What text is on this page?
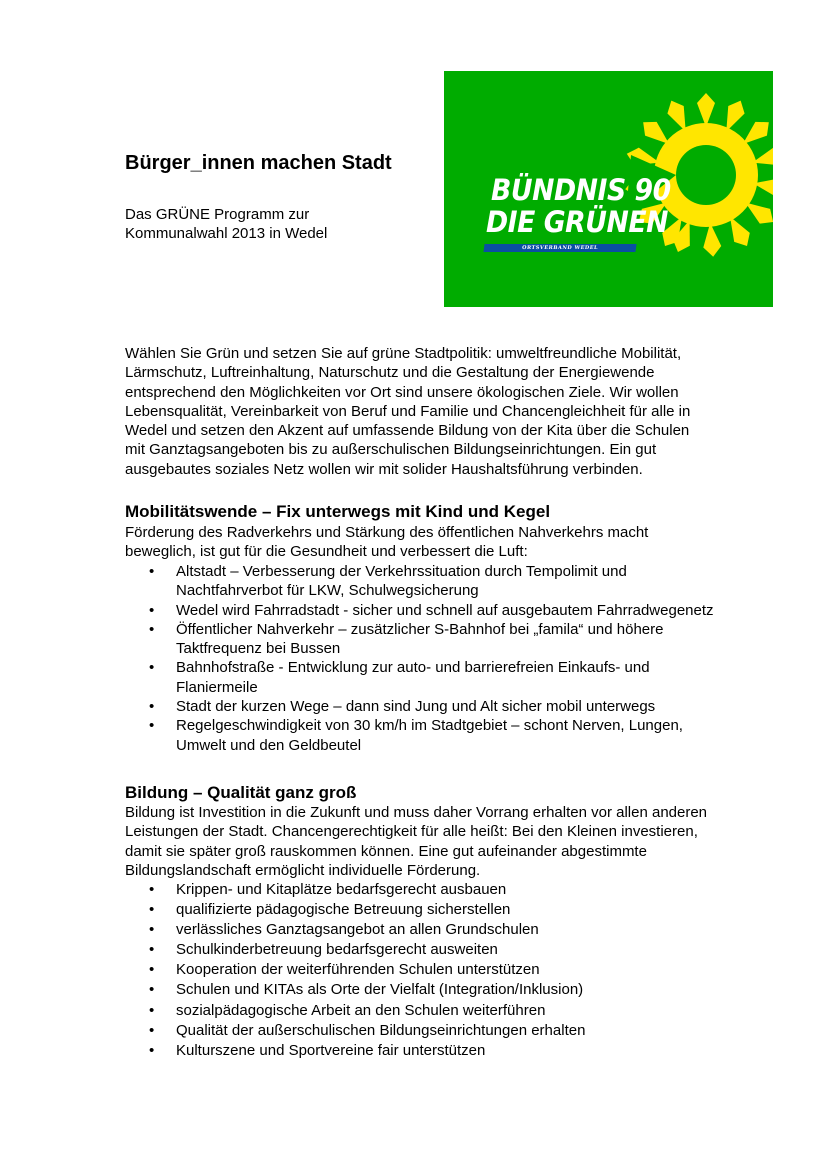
Bürger_innen machen Stadt
Das GRÜNE Programm zur
Kommunalwahl 2013 in Wedel
BÜNDNIS 90
DIE GRÜNEN
ORTSVERBAND WEDEL
Wählen Sie Grün und setzen Sie auf grüne Stadtpolitik: umweltfreundliche Mobilität,
Lärmschutz, Luftreinhaltung, Naturschutz und die Gestaltung der Energiewende
entsprechend den Möglichkeiten vor Ort sind unsere ökologischen Ziele. Wir wollen
Lebensqualität, Vereinbarkeit von Beruf und Familie und Chancengleichheit für alle in
Wedel und setzen den Akzent auf umfassende Bildung von der Kita über die Schulen
mit Ganztagsangeboten bis zu außerschulischen Bildungseinrichtungen. Ein gut
ausgebautes soziales Netz wollen wir mit solider Haushaltsführung verbinden.
Mobilitätswende – Fix unterwegs mit Kind und Kegel
Förderung des Radverkehrs und Stärkung des öffentlichen Nahverkehrs macht
beweglich, ist gut für die Gesundheit und verbessert die Luft:
• Altstadt – Verbesserung der Verkehrssituation durch Tempolimit und
Nachtfahrverbot für LKW, Schulwegsicherung
• Wedel wird Fahrradstadt - sicher und schnell auf ausgebautem Fahrradwegenetz
• Öffentlicher Nahverkehr – zusätzlicher S-Bahnhof bei „famila“ und höhere
Taktfrequenz bei Bussen
• Bahnhofstraße - Entwicklung zur auto- und barrierefreien Einkaufs- und
Flaniermeile
• Stadt der kurzen Wege – dann sind Jung und Alt sicher mobil unterwegs
• Regelgeschwindigkeit von 30 km/h im Stadtgebiet – schont Nerven, Lungen,
Umwelt und den Geldbeutel
Bildung – Qualität ganz groß
Bildung ist Investition in die Zukunft und muss daher Vorrang erhalten vor allen anderen
Leistungen der Stadt. Chancengerechtigkeit für alle heißt: Bei den Kleinen investieren,
damit sie später groß rauskommen können. Eine gut aufeinander abgestimmte
Bildungslandschaft ermöglicht individuelle Förderung.
• Krippen- und Kitaplätze bedarfsgerecht ausbauen
• qualifizierte pädagogische Betreuung sicherstellen
• verlässliches Ganztagsangebot an allen Grundschulen
• Schulkinderbetreuung bedarfsgerecht ausweiten
• Kooperation der weiterführenden Schulen unterstützen
• Schulen und KITAs als Orte der Vielfalt (Integration/Inklusion)
• sozialpädagogische Arbeit an den Schulen weiterführen
• Qualität der außerschulischen Bildungseinrichtungen erhalten
• Kulturszene und Sportvereine fair unterstützen
